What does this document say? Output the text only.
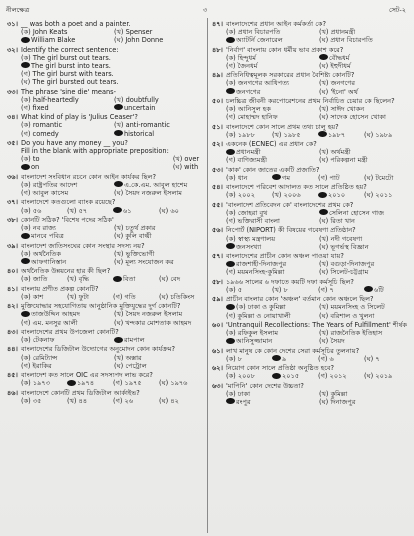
নীলক্ষেত্র	৩	সেট-২
৩১। __ was both a poet and a painter.
(ক) John Keats	(খ) Spenser
William Blake	(ঘ) John Donne
৩২। Identify the correct sentence:
(ক) The girl burst out tears.
The girl burst into tears.
(গ) The girl burst with tears.
(ঘ) The girl bursted out tears.
৩৩। The phrase 'sine die' means-
(ক) half-heartedly	(খ) doubtfully
(গ) fixed	uncertain
৩৪। What kind of play is 'Julius Ceaser'?
(ক) romantic	(খ) anti-romantic
(গ) comedy	historical
৩৫। Do you have any money __ you?
Fill in the blank with appropriate preposition:
(ক) to	(খ) over
on	(ঘ) with
৩৬। বাংলাদেশ সংবিধান রচনে কোন আইন কার্যকর ছিল?
(ক) রাষ্ট্রপতির আদেশ	এ.কে.এম. আবুল হাশেম
(গ) আবুল কাসেম	(ঘ) সৈয়দ নজরুল ইসলাম
৩৭। বাংলাদেশে কতগুলো ব্যাংক রয়েছে?
(ক) ৫৬	(খ) ৫৭	৬১	(ঘ) ৬০
৩৮। কোনটি সঠিক? 'বিশেষ পদের সঠিক'
(ক) নব রাজ্য	(খ) চতুর্থ প্রকার
মানবে পবিত্র	(ঘ) কুলি বাগ্মী
৩৯। বাংলাদেশ জাতিসংঘের কোন সংস্থার সদস্য নয়?
(ক) অর্থনৈতিক	(খ) ভুক্তিভোগী
আফগানিস্তান	(ঘ) মূল্য সংযোজন কর
৪০। অর্থনৈতিক উন্নয়নের হার কী ছিল?
(ক) জাতি	(খ) বৃদ্ধি	বিতা	(ঘ) বেদ
৪১। বাংলায় প্রণীত প্রকল্প কোনটি?
(ক) কাশ	(খ) ফুটা	(গ) গতি	(ঘ) চতিকিংস
৪২। মুক্তিযোদ্ধার সহযোগিতায় আনুষ্ঠানিক মুক্তিযুদ্ধের দুর্গ কোনটি?
তাজউদ্দিন আহমদ	(খ) সৈয়দ নজরুল ইসলাম
(গ) এম. মনসুর আলী	(ঘ) খন্দকার মোশতাক আহমদ
৪৩। বাংলাদেশের প্রথম উপজেলা কোনটি?
(ক) টেকনাফ	রামপাল
৪৪। বাংলাদেশের ডিজিটাল উদ্যোগের অনুমোদন কোন কার্যক্রম?
(ক) রেমিট্যান্স	(খ) অক্সার
(গ) ইরাকির	(ঘ) পেট্রোল
৪৫। বাংলাদেশ কত সালে OIC এর সদস্যপদ লাভ করে?
(ক) ১৯৭৩	১৯৭৪	(গ) ১৯৭৫	(ঘ) ১৯৭৬
৪৬। বাংলাদেশে কোনটি প্রথম ডিজিটাল আর্কাইভ?
(ক) ৩৫	(খ) ৪৪	(গ) ২৬	(ঘ) ৪২
৪৭। বাংলাদেশের প্রধান আইন কর্মকর্তা কে?
(ক) প্রধান বিচারপতি	(খ) প্রধানমন্ত্রী
অ্যাটর্নি জেনারেল	(ঘ) প্রধান বিচারপতি
৪৮। 'নির্বাণ' বাংলায় কোন ধর্মীয় ভাব প্রকাশ করে?
(ক) হিন্দুধর্ম	বৌদ্ধধর্ম
(গ) জৈনধর্ম	(ঘ) ইহুদীধর্ম
৪৯। প্রতিনিধিত্বমূলক সরকারের প্রধান বৈশিষ্ট্য কোনটি?
(ক) জনগণের আধিপত্য	(খ) জনগণের
জনগণের	(ঘ) 'ইনো' অর্থ
৫০। চলচ্চিত্র জীবনী করপোরেশনের প্রথম নির্বাচিত চেয়ার কে ছিলেন?
(ক) আনিসুল হক	(খ) সাঈদ খোকন
(গ) মোহাম্মদ হানিফ	(ঘ) সাদেক হোসেন খোকা
৫১। বাংলাদেশে কোন সালে প্রথম তথ্য চালু হয়?
(ক) ১৯৮৮	(খ) ১৯৮৫	১৯৮৭	(ঘ) ১৯৮৯
৫২। একনেক (ECNEC) এর প্রধান কে?
প্রধানমন্ত্রী	(খ) অর্থমন্ত্রী
(গ) বাণিজ্যমন্ত্রী	(ঘ) পরিকল্পনা মন্ত্রী
৫৩। 'কাক' কোন জাতের একটি প্রজাতি?
(ক) ধান	গম	(গ) পাট	(ঘ) টমেটো
৫৪। বাংলাদেশে পরিবেশ আদালত কত সালে প্রতিষ্ঠিত হয়?
(ক) ২০০২	(খ) ২০০৬	২০১০	(ঘ) ২০১১
৫৫। 'বাংলাদেশ প্রতিবেদন কে' বাংলাদেশের প্রথম কে?
(ক) জোহরা বুথ	সেলিনা হোসেন গাজ
(গ) ভক্তিরাসী বাংলা	(ঘ) রিতা খান
৫৬। নিপোর্ট (NIPORT) কী বিষয়ের গবেষণা প্রতিষ্ঠান?
(ক) স্বাস্থ্য মন্ত্রণালয়	(খ) নদী গবেষণা
জনসংখ্যা	(ঘ) ভূগর্ভস্থ বিজ্ঞান
৫৭। বাংলাদেশের প্রাচীন কোন অঞ্চল পাওয়া যায়?
রাজশাহী-দিনাজপুর	(খ) বগুড়া-দিনাজপুর
(গ) ময়মনসিংহ-কুমিল্লা	(ঘ) সিলেট-চট্টগ্রাম
৫৮। ১৯৬৬ সালের ৬ দফাতে কয়টি দফা কর্মসূচি ছিল?
(ক) ৫	(খ) ৮	(গ) ৭	৬টি
৫৯। প্রাচীন বাংলার কোন 'অঞ্চল' বর্তমান কোন অঞ্চলে ছিল?
(ক) ঢাকা ও কুমিল্লা	(খ) ময়মনসিংহ ও সিলেট
(গ) কুমিল্লা ও নোয়াখালী	(ঘ) বরিশাল ও খুলনা
৬০। 'Untranquil Recollections: The Years of Fulfillment' শীর্ষক
(ক) রফিকুল ইসলাম	(খ) রাজনৈতিক ইতিহাস
আনিসুজ্জামান	(ঘ) সৈয়দ
৬১। লাখ মানুষ কে কোন দেশের সেরা কর্মসূচির তুলনায়?
(ক) ৮	৯	(গ) ৬	(ঘ) ৭
৬২। নিয়োগ কোন সালে প্রতিষ্ঠা অনুষ্ঠিত হবে?
(ক) ২০০৮	২০১৫	(গ) ২০১২	(ঘ) ২০১৯
৬৩। 'মাপিনি' কোন দেশের উচ্চতা?
(ক) ঢাকা	(খ) কুমিল্লা
রংপুর	(ঘ) দিনাজপুর
